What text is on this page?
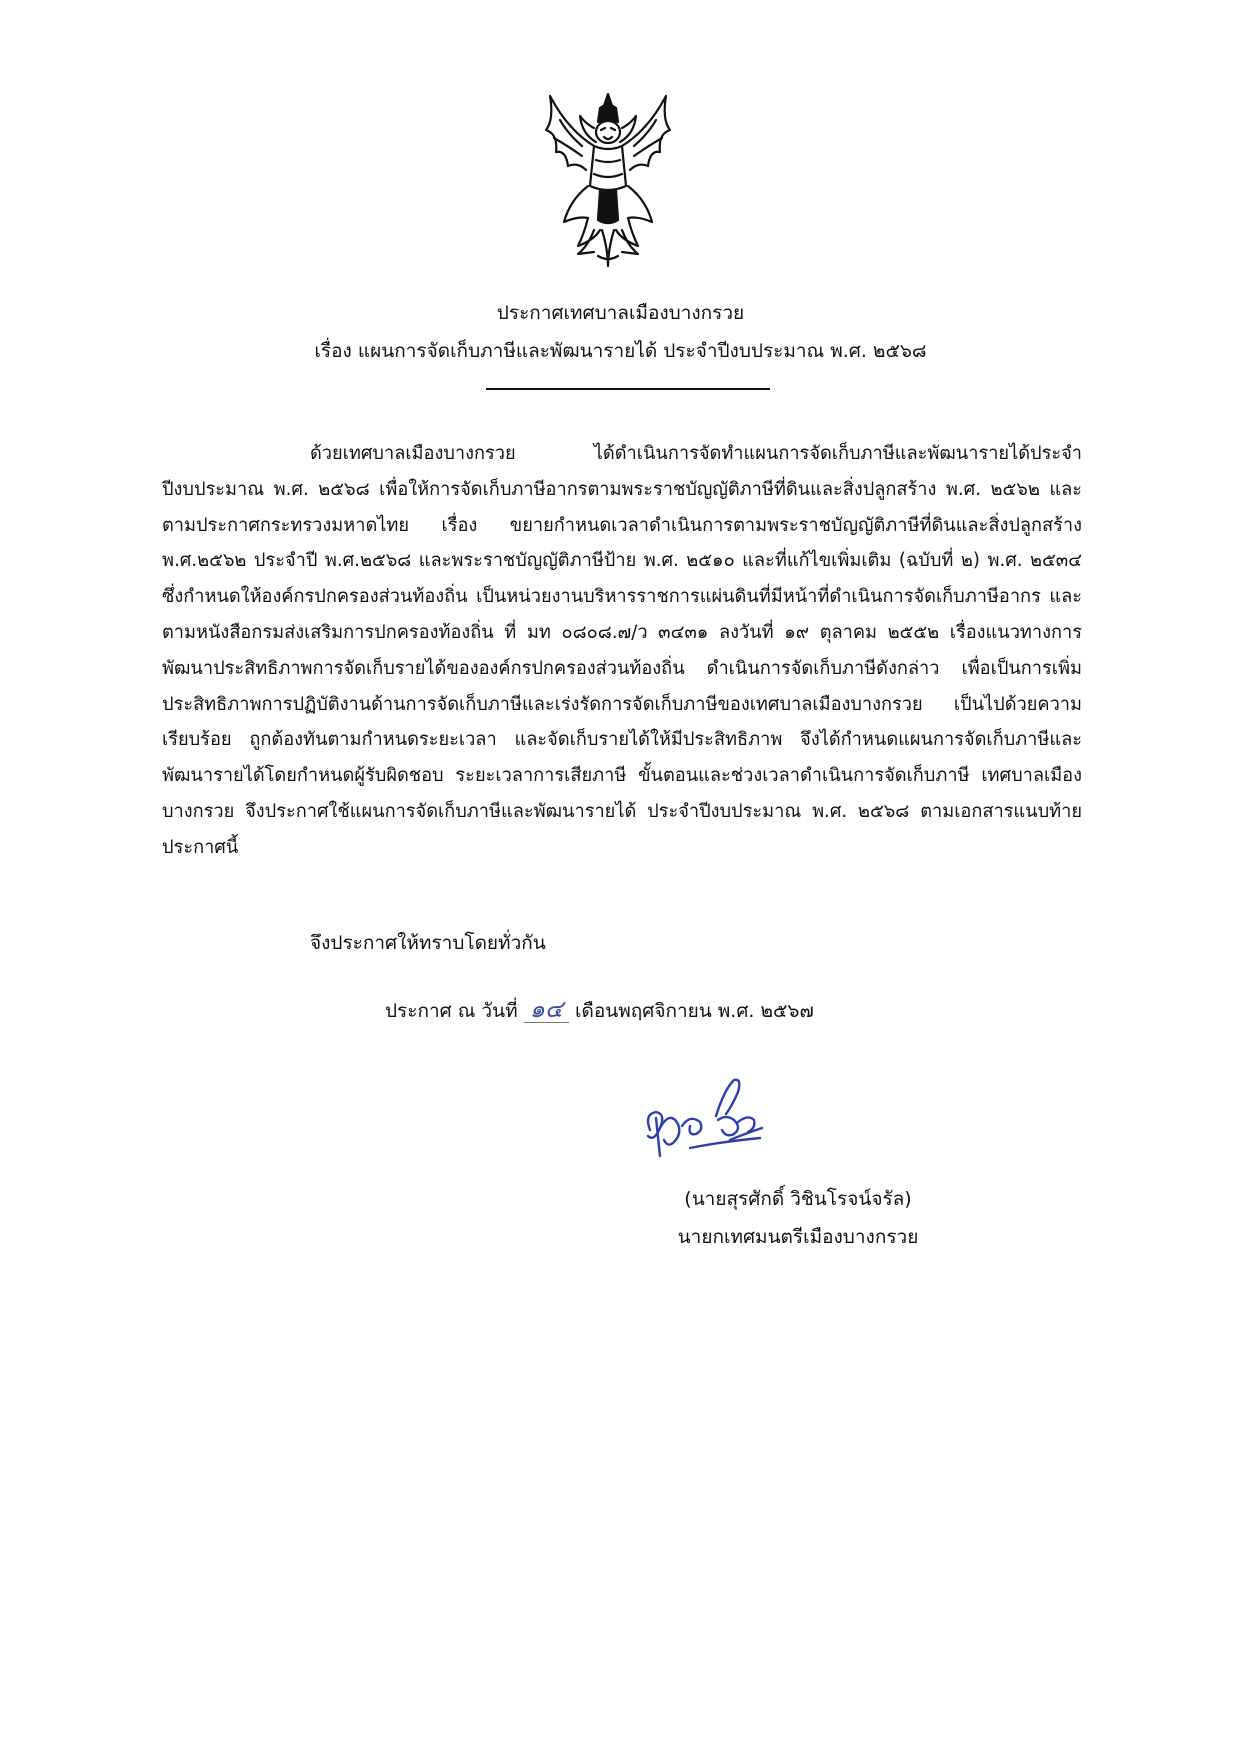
ประกาศเทศบาลเมืองบางกรวย
เรื่อง แผนการจัดเก็บภาษีและพัฒนารายได้ ประจำปีงบประมาณ พ.ศ. ๒๕๖๘

ด้วยเทศบาลเมืองบางกรวย ได้ดำเนินการจัดทำแผนการจัดเก็บภาษีและพัฒนารายได้ประจำปีงบประมาณ พ.ศ. ๒๕๖๘ เพื่อให้การจัดเก็บภาษีอากรตามพระราชบัญญัติภาษีที่ดินและสิ่งปลูกสร้าง พ.ศ. ๒๕๖๒ และตามประกาศกระทรวงมหาดไทย เรื่อง ขยายกำหนดเวลาดำเนินการตามพระราชบัญญัติภาษีที่ดินและสิ่งปลูกสร้าง พ.ศ.๒๕๖๒ ประจำปี พ.ศ.๒๕๖๘ และพระราชบัญญัติภาษีป้าย พ.ศ. ๒๕๑๐ และที่แก้ไขเพิ่มเติม (ฉบับที่ ๒) พ.ศ. ๒๕๓๔ ซึ่งกำหนดให้องค์กรปกครองส่วนท้องถิ่น เป็นหน่วยงานบริหารราชการแผ่นดินที่มีหน้าที่ดำเนินการจัดเก็บภาษีอากร และตามหนังสือกรมส่งเสริมการปกครองท้องถิ่น ที่ มท ๐๘๐๘.๗/ว ๓๔๓๑ ลงวันที่ ๑๙ ตุลาคม ๒๕๕๒ เรื่องแนวทางการพัฒนาประสิทธิภาพการจัดเก็บรายได้ขององค์กรปกครองส่วนท้องถิ่น ดำเนินการจัดเก็บภาษีดังกล่าว เพื่อเป็นการเพิ่มประสิทธิภาพการปฏิบัติงานด้านการจัดเก็บภาษีและเร่งรัดการจัดเก็บภาษีของเทศบาลเมืองบางกรวย เป็นไปด้วยความเรียบร้อย ถูกต้องทันตามกำหนดระยะเวลา และจัดเก็บรายได้ให้มีประสิทธิภาพ จึงได้กำหนดแผนการจัดเก็บภาษีและพัฒนารายได้โดยกำหนดผู้รับผิดชอบ ระยะเวลาการเสียภาษี ขั้นตอนและช่วงเวลาดำเนินการจัดเก็บภาษี เทศบาลเมืองบางกรวย จึงประกาศใช้แผนการจัดเก็บภาษีและพัฒนารายได้ ประจำปีงบประมาณ พ.ศ. ๒๕๖๘ ตามเอกสารแนบท้ายประกาศนี้

จึงประกาศให้ทราบโดยทั่วกัน
ประกาศ ณ วันที่ ๑๔ เดือนพฤศจิกายน พ.ศ. ๒๕๖๗
(นายสุรศักดิ์ วิชินโรจน์จรัล)
นายกเทศมนตรีเมืองบางกรวย
